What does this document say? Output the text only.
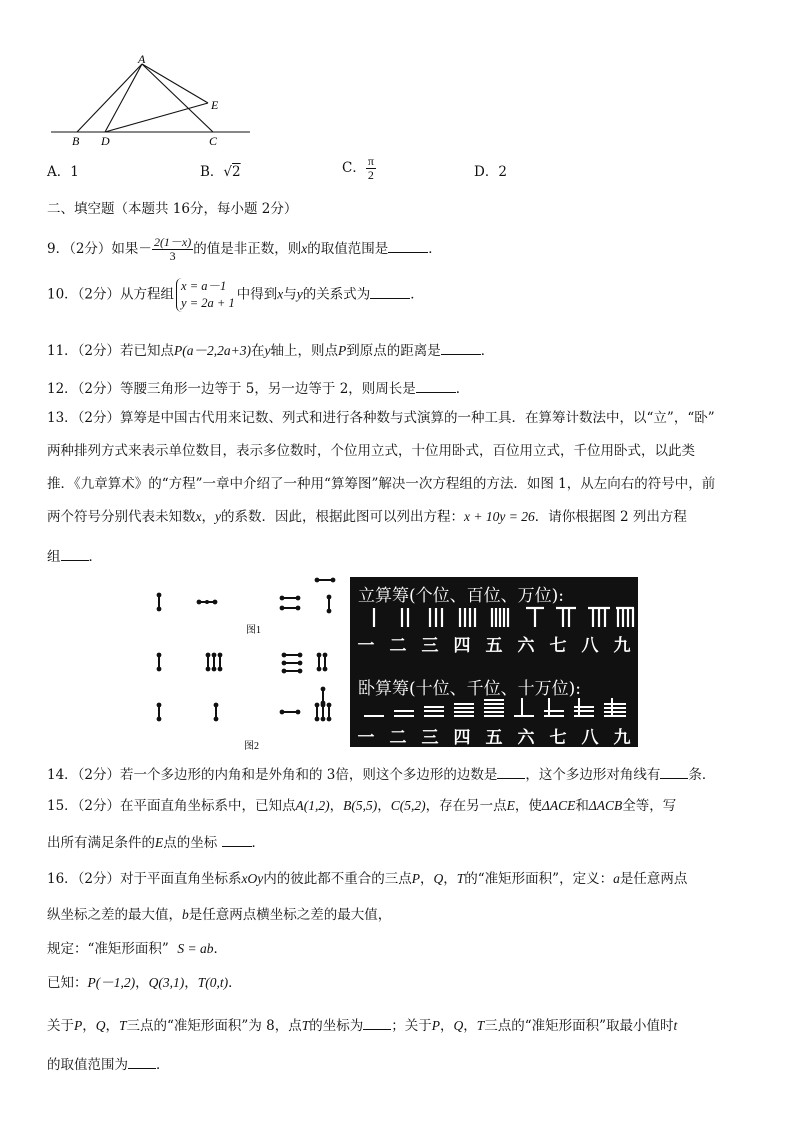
A
B D	C
E
A．1	B．√2	C． $\frac{\pi}{2}$	D．2
二、填空题（本题共 16分，每小题 2分）
9．（2分）如果－ $\frac{2(1-x)}{3}$ 的值是非正数，则x的取值范围是	．
10．（2分）从方程组
x = a－1
y = 2a + 1
中得到x与y的关系式为	．
11．（2分）若已知点P(a－2,2a+3)在y轴上，则点P到原点的距离是	．
12．（2分）等腰三角形一边等于 5，另一边等于 2，则周长是	．
13．（2分）算筹是中国古代用来记数、列式和进行各种数与式演算的一种工具．在算筹计数法中，以“立”，“卧”
两种排列方式来表示单位数目，表示多位数时，个位用立式，十位用卧式，百位用立式，千位用卧式，以此类
推．《九章算术》的“方程”一章中介绍了一种用“算筹图”解决一次方程组的方法．如图 1，从左向右的符号中，前
两个符号分别代表未知数x，y的系数．因此，根据此图可以列出方程：x + 10y = 26．请你根据图 2 列出方程
组 ．
图1
图2
立算筹(个位、百位、万位):
一 二 三 四 五 六 七 八 九
卧算筹(十位、千位、十万位):
一 二 三 四 五 六 七 八 九
14．（2分）若一个多边形的内角和是外角和的 3倍，则这个多边形的边数是 ，这个多边形对角线有 条．
15．（2分）在平面直角坐标系中，已知点A(1,2)，B(5,5)，C(5,2)，存在另一点E，使ΔACE和ΔACB全等，写
出所有满足条件的E点的坐标	．
16．（2分）对于平面直角坐标系xOy内的彼此都不重合的三点P，Q，T的“准矩形面积”，定义：a是任意两点
纵坐标之差的最大值，b是任意两点横坐标之差的最大值，
规定：“准矩形面积” S = ab．
已知：P(－1,2)，Q(3,1)，T(0,t)．
关于P，Q，T三点的“准矩形面积”为 8，点T的坐标为 ；关于P，Q，T三点的“准矩形面积”取最小值时t
的取值范围为 ．
